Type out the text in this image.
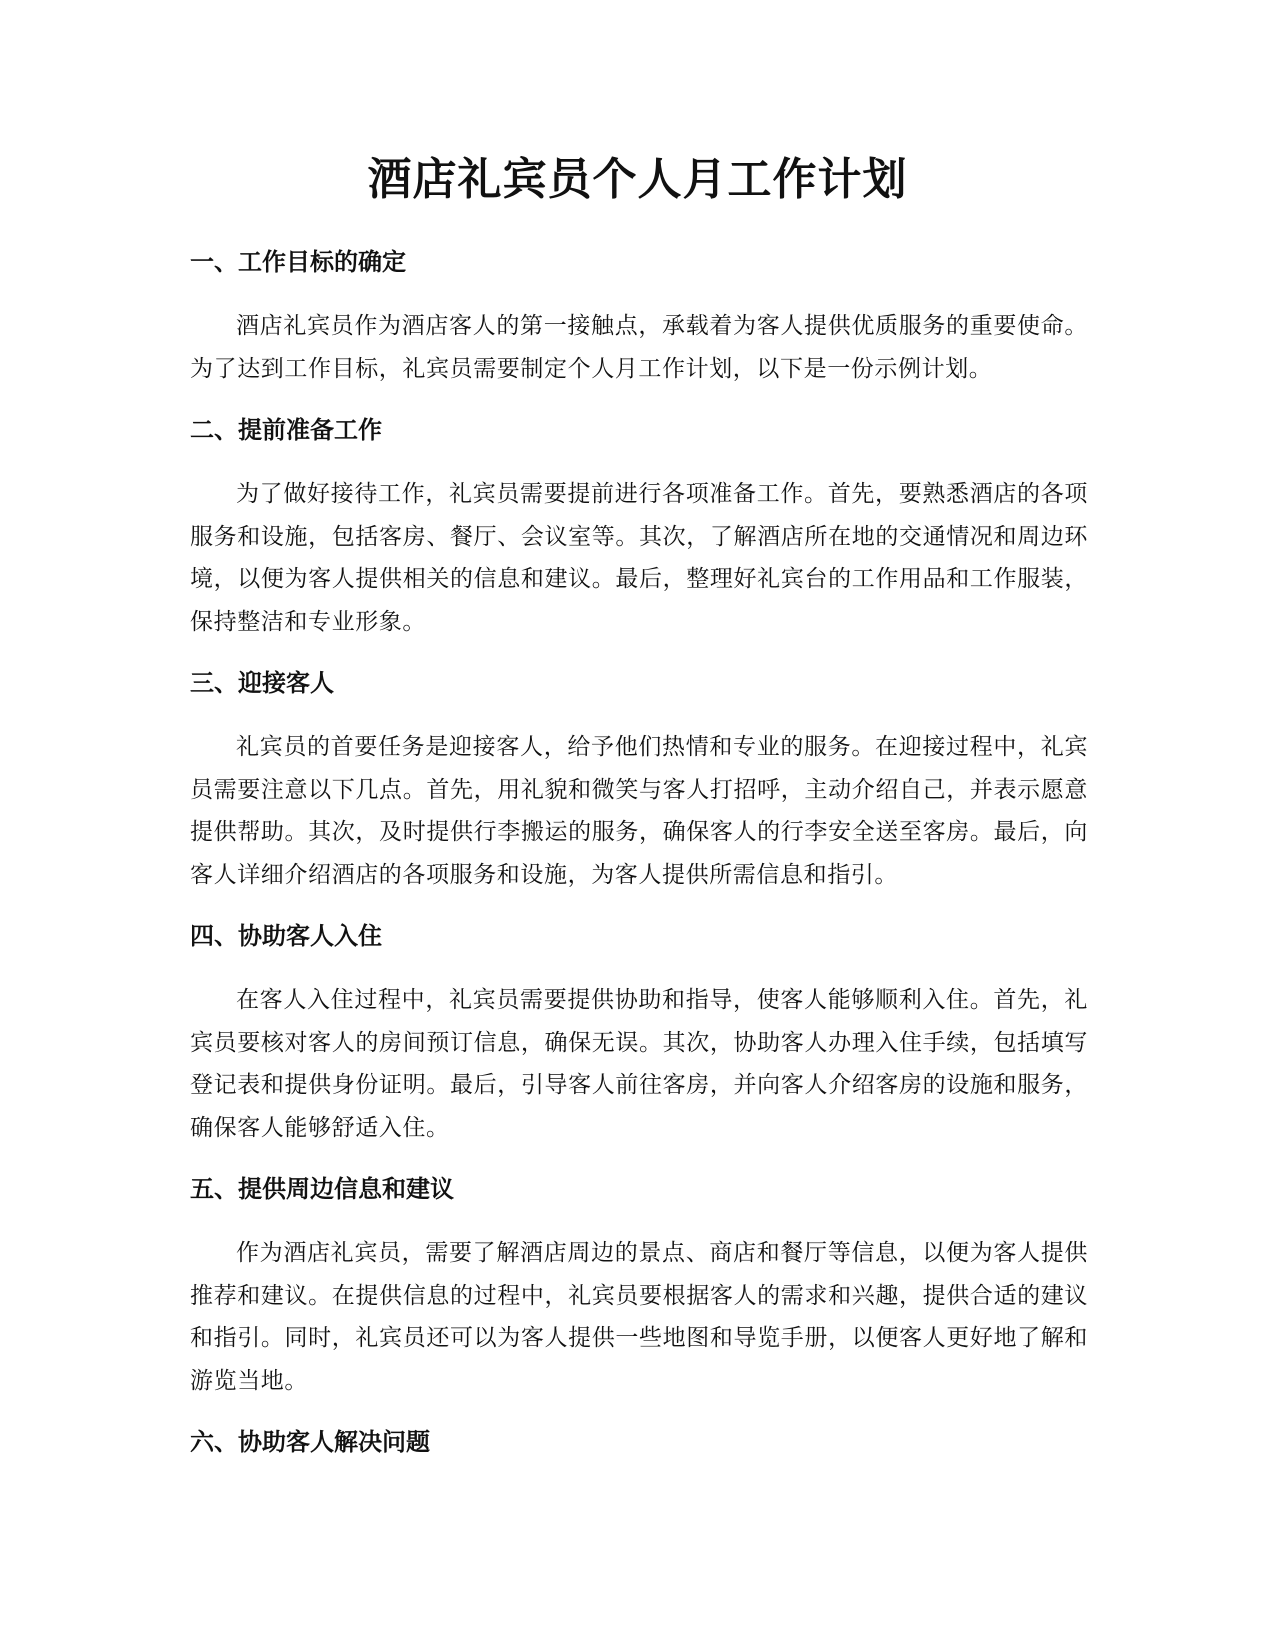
酒店礼宾员个人月工作计划
一、工作目标的确定

酒店礼宾员作为酒店客人的第一接触点，承载着为客人提供优质服务的重要使命。为了达到工作目标，礼宾员需要制定个人月工作计划，以下是一份示例计划。

二、提前准备工作

为了做好接待工作，礼宾员需要提前进行各项准备工作。首先，要熟悉酒店的各项服务和设施，包括客房、餐厅、会议室等。其次，了解酒店所在地的交通情况和周边环境，以便为客人提供相关的信息和建议。最后，整理好礼宾台的工作用品和工作服装，保持整洁和专业形象。

三、迎接客人

礼宾员的首要任务是迎接客人，给予他们热情和专业的服务。在迎接过程中，礼宾员需要注意以下几点。首先，用礼貌和微笑与客人打招呼，主动介绍自己，并表示愿意提供帮助。其次，及时提供行李搬运的服务，确保客人的行李安全送至客房。最后，向客人详细介绍酒店的各项服务和设施，为客人提供所需信息和指引。

四、协助客人入住

在客人入住过程中，礼宾员需要提供协助和指导，使客人能够顺利入住。首先，礼宾员要核对客人的房间预订信息，确保无误。其次，协助客人办理入住手续，包括填写登记表和提供身份证明。最后，引导客人前往客房，并向客人介绍客房的设施和服务，确保客人能够舒适入住。

五、提供周边信息和建议

作为酒店礼宾员，需要了解酒店周边的景点、商店和餐厅等信息，以便为客人提供推荐和建议。在提供信息的过程中，礼宾员要根据客人的需求和兴趣，提供合适的建议和指引。同时，礼宾员还可以为客人提供一些地图和导览手册，以便客人更好地了解和游览当地。

六、协助客人解决问题
